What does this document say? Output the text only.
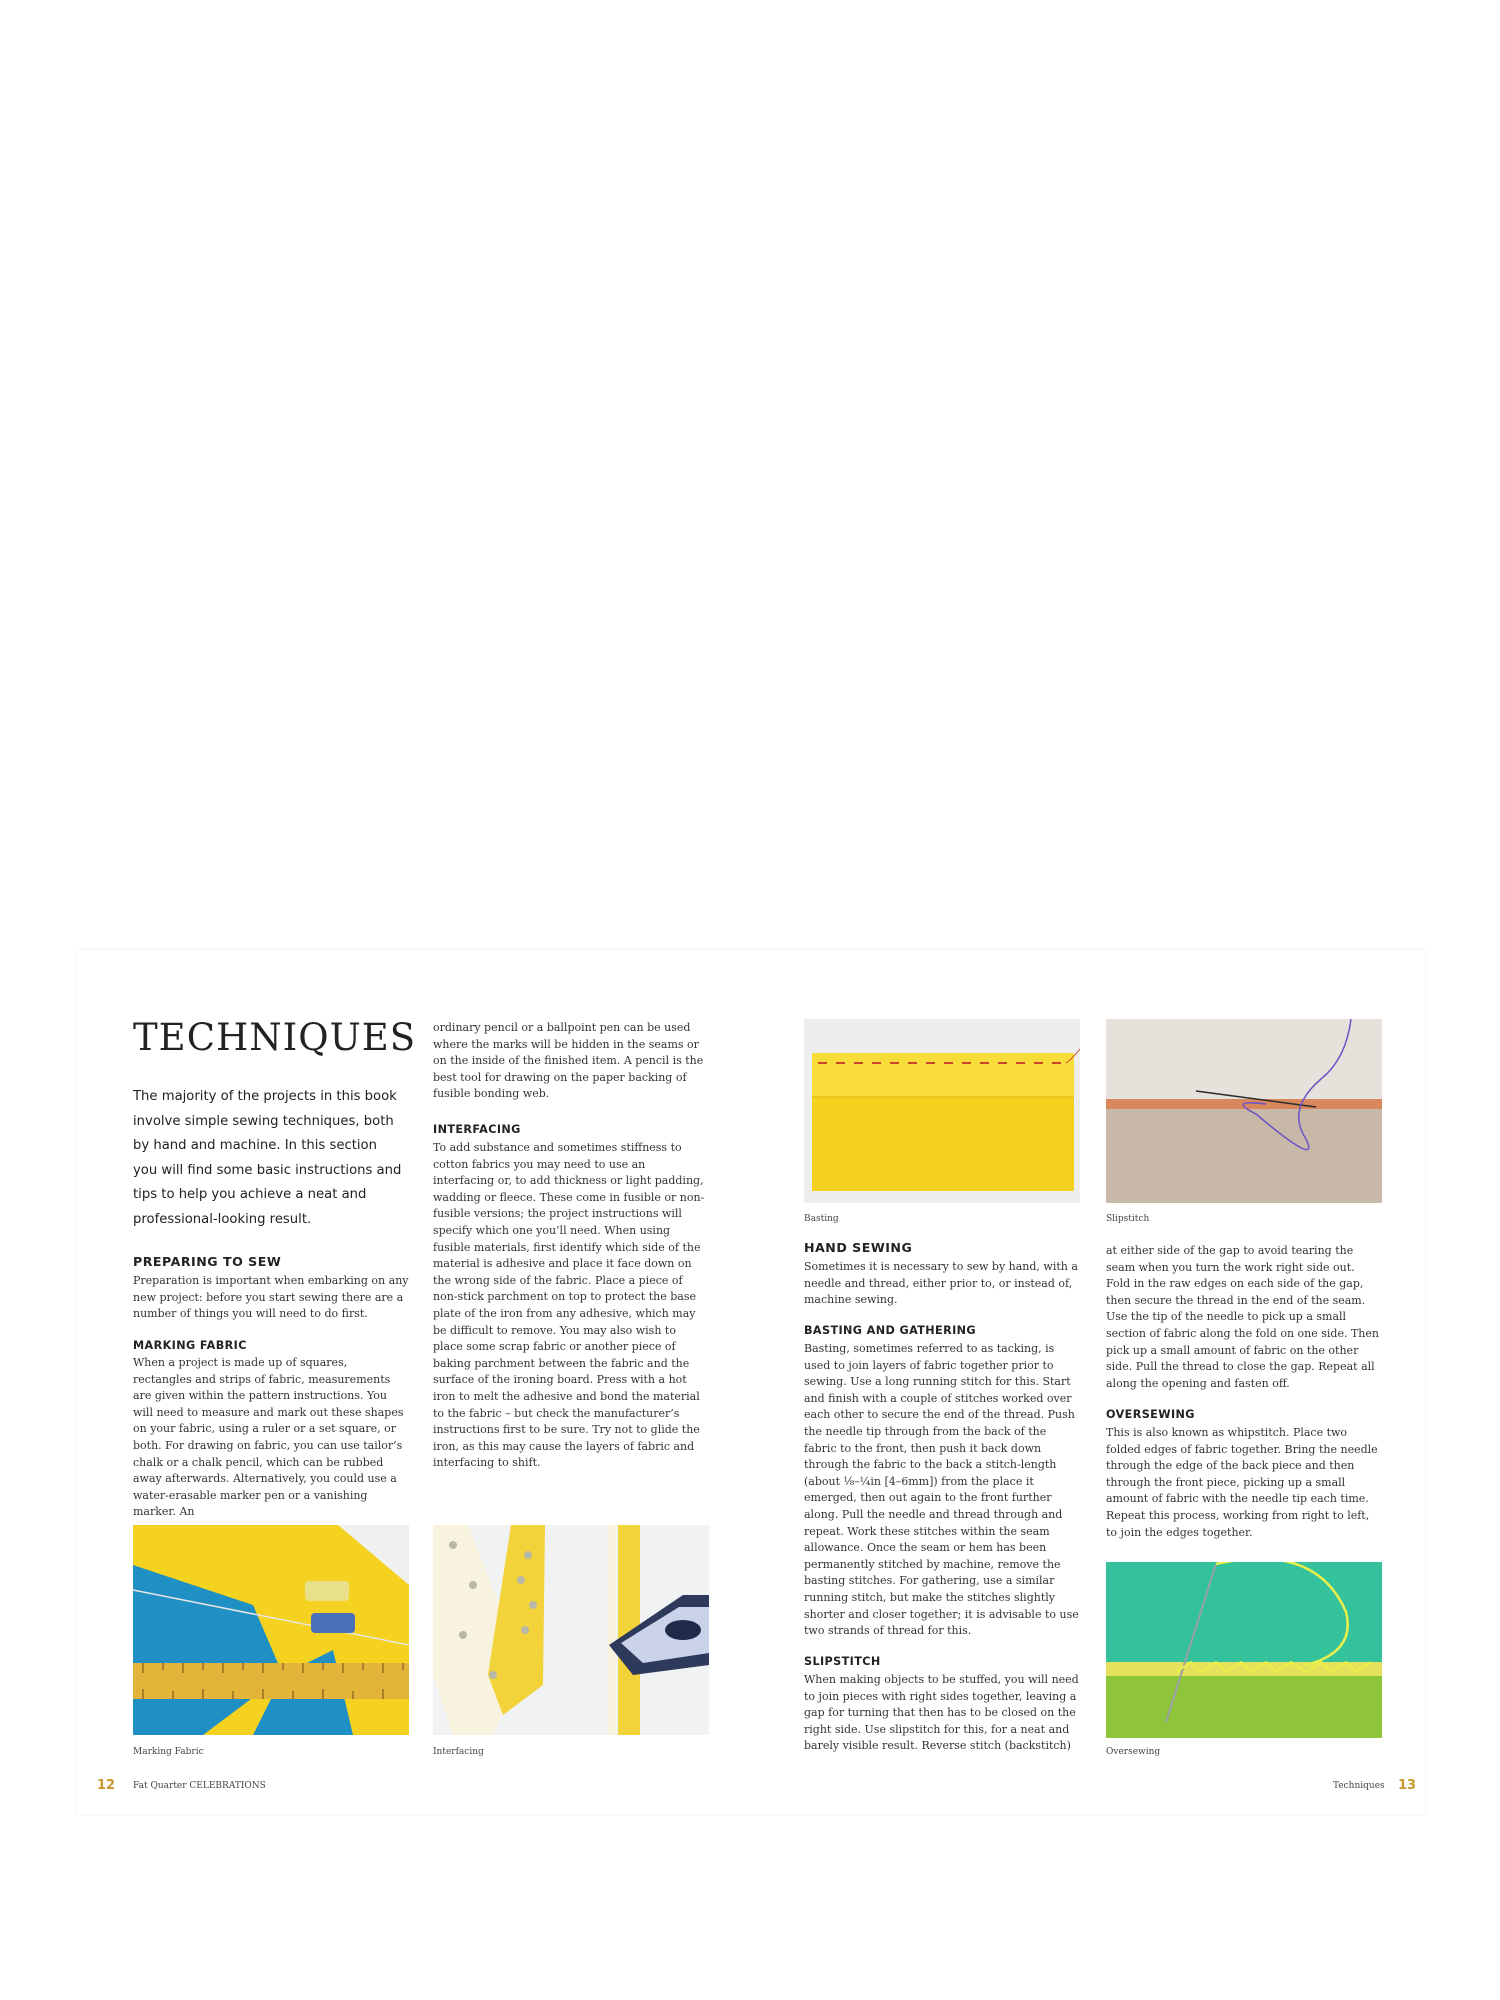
TECHNIQUES

The majority of the projects in this book involve simple sewing techniques, both by hand and machine. In this section you will find some basic instructions and tips to help you achieve a neat and professional-looking result.

PREPARING TO SEW

Preparation is important when embarking on any new project: before you start sewing there are a number of things you will need to do first.

MARKING FABRIC

When a project is made up of squares, rectangles and strips of fabric, measurements are given within the pattern instructions. You will need to measure and mark out these shapes on your fabric, using a ruler or a set square, or both. For drawing on fabric, you can use tailor’s chalk or a chalk pencil, which can be rubbed away afterwards. Alternatively, you could use a water-erasable marker pen or a vanishing marker. An

ordinary pencil or a ballpoint pen can be used where the marks will be hidden in the seams or on the inside of the finished item. A pencil is the best tool for drawing on the paper backing of fusible bonding web.

INTERFACING

To add substance and sometimes stiffness to cotton fabrics you may need to use an interfacing or, to add thickness or light padding, wadding or fleece. These come in fusible or non-fusible versions; the project instructions will specify which one you’ll need. When using fusible materials, first identify which side of the material is adhesive and place it face down on the wrong side of the fabric. Place a piece of non-stick parchment on top to protect the base plate of the iron from any adhesive, which may be difficult to remove. You may also wish to place some scrap fabric or another piece of baking parchment between the fabric and the surface of the ironing board. Press with a hot iron to melt the adhesive and bond the material to the fabric – but check the manufacturer’s instructions first to be sure. Try not to glide the iron, as this may cause the layers of fabric and interfacing to shift.

Marking Fabric	Interfacing

12 Fat Quarter CELEBRATIONS

Basting	Slipstitch

HAND SEWING

Sometimes it is necessary to sew by hand, with a needle and thread, either prior to, or instead of, machine sewing.

BASTING AND GATHERING

Basting, sometimes referred to as tacking, is used to join layers of fabric together prior to sewing. Use a long running stitch for this. Start and finish with a couple of stitches worked over each other to secure the end of the thread. Push the needle tip through from the back of the fabric to the front, then push it back down through the fabric to the back a stitch-length (about ⅛–¼in [4–6mm]) from the place it emerged, then out again to the front further along. Pull the needle and thread through and repeat. Work these stitches within the seam allowance. Once the seam or hem has been permanently stitched by machine, remove the basting stitches. For gathering, use a similar running stitch, but make the stitches slightly shorter and closer together; it is advisable to use two strands of thread for this.

SLIPSTITCH

When making objects to be stuffed, you will need to join pieces with right sides together, leaving a gap for turning that then has to be closed on the right side. Use slipstitch for this, for a neat and barely visible result. Reverse stitch (backstitch)

at either side of the gap to avoid tearing the seam when you turn the work right side out. Fold in the raw edges on each side of the gap, then secure the thread in the end of the seam. Use the tip of the needle to pick up a small section of fabric along the fold on one side. Then pick up a small amount of fabric on the other side. Pull the thread to close the gap. Repeat all along the opening and fasten off.

OVERSEWING

This is also known as whipstitch. Place two folded edges of fabric together. Bring the needle through the edge of the back piece and then through the front piece, picking up a small amount of fabric with the needle tip each time. Repeat this process, working from right to left, to join the edges together.

Oversewing

Techniques 13
